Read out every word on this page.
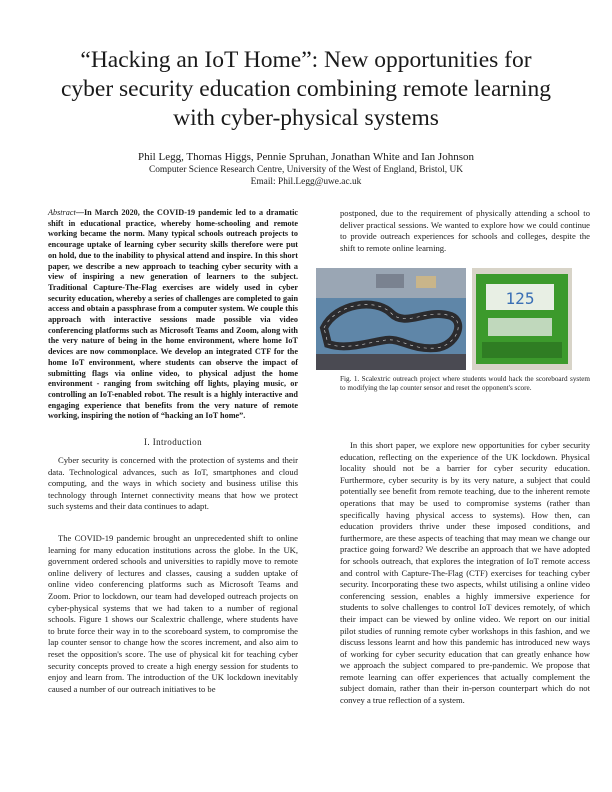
“Hacking an IoT Home”: New opportunities for
cyber security education combining remote learning
with cyber-physical systems
Phil Legg, Thomas Higgs, Pennie Spruhan, Jonathan White and Ian Johnson
Computer Science Research Centre, University of the West of England, Bristol, UK
Email: Phil.Legg@uwe.ac.uk

Abstract—In March 2020, the COVID-19 pandemic led to a dramatic shift in educational practice, whereby home-schooling and remote working became the norm. Many typical schools outreach projects to encourage uptake of learning cyber security skills therefore were put on hold, due to the inability to physical attend and inspire. In this short paper, we describe a new approach to teaching cyber security with a view of inspiring a new generation of learners to the subject. Traditional Capture-The-Flag exercises are widely used in cyber security education, whereby a series of challenges are completed to gain access and obtain a passphrase from a computer system. We couple this approach with interactive sessions made possible via video conferencing platforms such as Microsoft Teams and Zoom, along with the very nature of being in the home environment, where home IoT devices are now commonplace. We develop an integrated CTF for the home IoT environment, where students can observe the impact of submitting flags via online video, to physical adjust the home environment - ranging from switching off lights, playing music, or controlling an IoT-enabled robot. The result is a highly interactive and engaging experience that benefits from the very nature of remote working, inspiring the notion of “hacking an IoT home”.

I. Introduction

Cyber security is concerned with the protection of systems and their data. Technological advances, such as IoT, smartphones and cloud computing, and the ways in which society and business utilise this technology through Internet connectivity means that how we protect such systems and their data continues to adapt.

The COVID-19 pandemic brought an unprecedented shift to online learning for many education institutions across the globe. In the UK, government ordered schools and universities to rapidly move to remote online delivery of lectures and classes, causing a sudden uptake of online video conferencing platforms such as Microsoft Teams and Zoom. Prior to lockdown, our team had developed outreach projects on cyber-physical systems that we had taken to a number of regional schools. Figure 1 shows our Scalextric challenge, where students have to brute force their way in to the scoreboard system, to compromise the lap counter sensor to change how the scores increment, and also aim to reset the opposition's score. The use of physical kit for teaching cyber security concepts proved to create a high energy session for students to enjoy and learn from. The introduction of the UK lockdown inevitably caused a number of our outreach initiatives to be

postponed, due to the requirement of physically attending a school to deliver practical sessions. We wanted to explore how we could continue to provide outreach experiences for schools and colleges, despite the shift to remote online learning.

125

Fig. 1. Scalextric outreach project where students would hack the scoreboard system to modifying the lap counter sensor and reset the opponent's score.

In this short paper, we explore new opportunities for cyber security education, reflecting on the experience of the UK lockdown. Physical locality should not be a barrier for cyber security education. Furthermore, cyber security is by its very nature, a subject that could potentially see benefit from remote teaching, due to the inherent remote operations that may be used to compromise systems (rather than specifically having physical access to systems). How then, can education providers thrive under these imposed conditions, and furthermore, are these aspects of teaching that may mean we change our practice going forward? We describe an approach that we have adopted for schools outreach, that explores the integration of IoT remote access and control with Capture-The-Flag (CTF) exercises for teaching cyber security. Incorporating these two aspects, whilst utilising a online video conferencing session, enables a highly immersive experience for students to solve challenges to control IoT devices remotely, of which their impact can be viewed by online video. We report on our initial pilot studies of running remote cyber workshops in this fashion, and we discuss lessons learnt and how this pandemic has introduced new ways of working for cyber security education that can greatly enhance how we approach the subject compared to pre-pandemic. We propose that remote learning can offer experiences that actually complement the subject domain, rather than their in-person counterpart which do not convey a true reflection of a system.
